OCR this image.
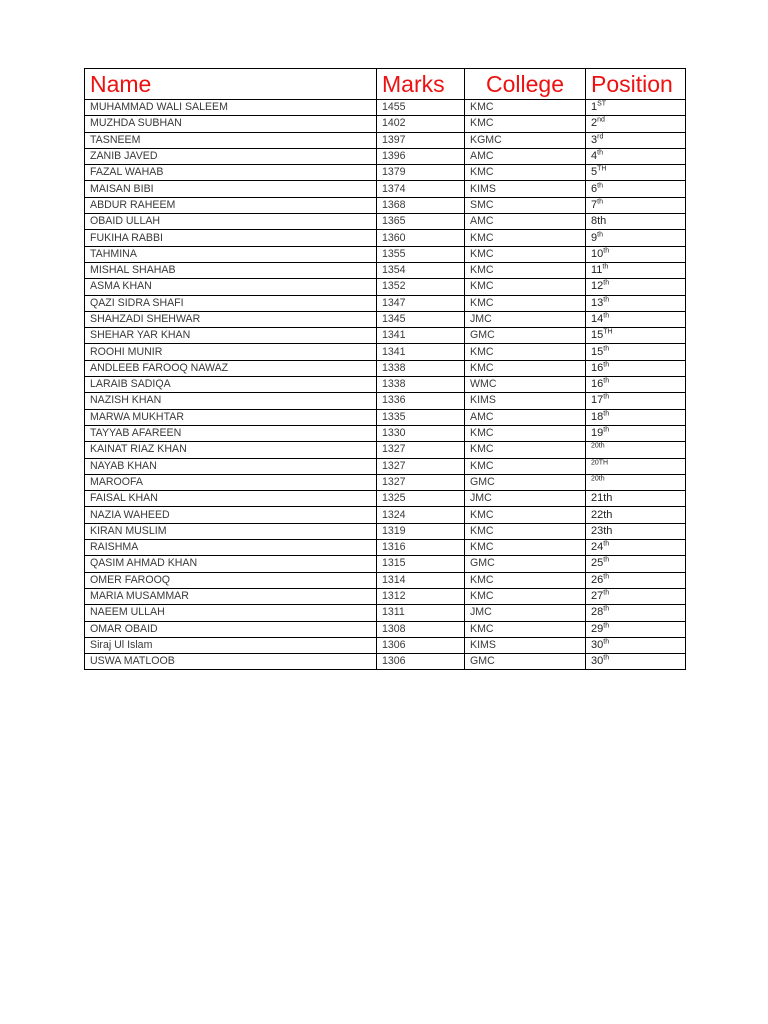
Name	Marks	College	Position
MUHAMMAD WALI SALEEM	1455	KMC	1ST
MUZHDA SUBHAN	1402	KMC	2nd
TASNEEM	1397	KGMC	3rd
ZANIB JAVED	1396	AMC	4th
FAZAL WAHAB	1379	KMC	5TH
MAISAN BIBI	1374	KIMS	6th
ABDUR RAHEEM	1368	SMC	7th
OBAID ULLAH	1365	AMC	8th
FUKIHA RABBI	1360	KMC	9th
TAHMINA	1355	KMC	10th
MISHAL SHAHAB	1354	KMC	11th
ASMA KHAN	1352	KMC	12th
QAZI SIDRA SHAFI	1347	KMC	13th
SHAHZADI SHEHWAR	1345	JMC	14th
SHEHAR YAR KHAN	1341	GMC	15TH
ROOHI MUNIR	1341	KMC	15th
ANDLEEB FAROOQ NAWAZ	1338	KMC	16th
LARAIB SADIQA	1338	WMC	16th
NAZISH KHAN	1336	KIMS	17th
MARWA MUKHTAR	1335	AMC	18th
TAYYAB AFAREEN	1330	KMC	19th
KAINAT RIAZ KHAN	1327	KMC	$^{20th}$
NAYAB KHAN	1327	KMC	$^{20TH}$
MAROOFA	1327	GMC	$^{20th}$
FAISAL KHAN	1325	JMC	21th
NAZIA WAHEED	1324	KMC	22th
KIRAN MUSLIM	1319	KMC	23th
RAISHMA	1316	KMC	24th
QASIM AHMAD KHAN	1315	GMC	25th
OMER FAROOQ	1314	KMC	26th
MARIA MUSAMMAR	1312	KMC	27th
NAEEM ULLAH	1311	JMC	28th
OMAR OBAID	1308	KMC	29th
Siraj Ul Islam	1306	KIMS	30th
USWA MATLOOB	1306	GMC	30th
